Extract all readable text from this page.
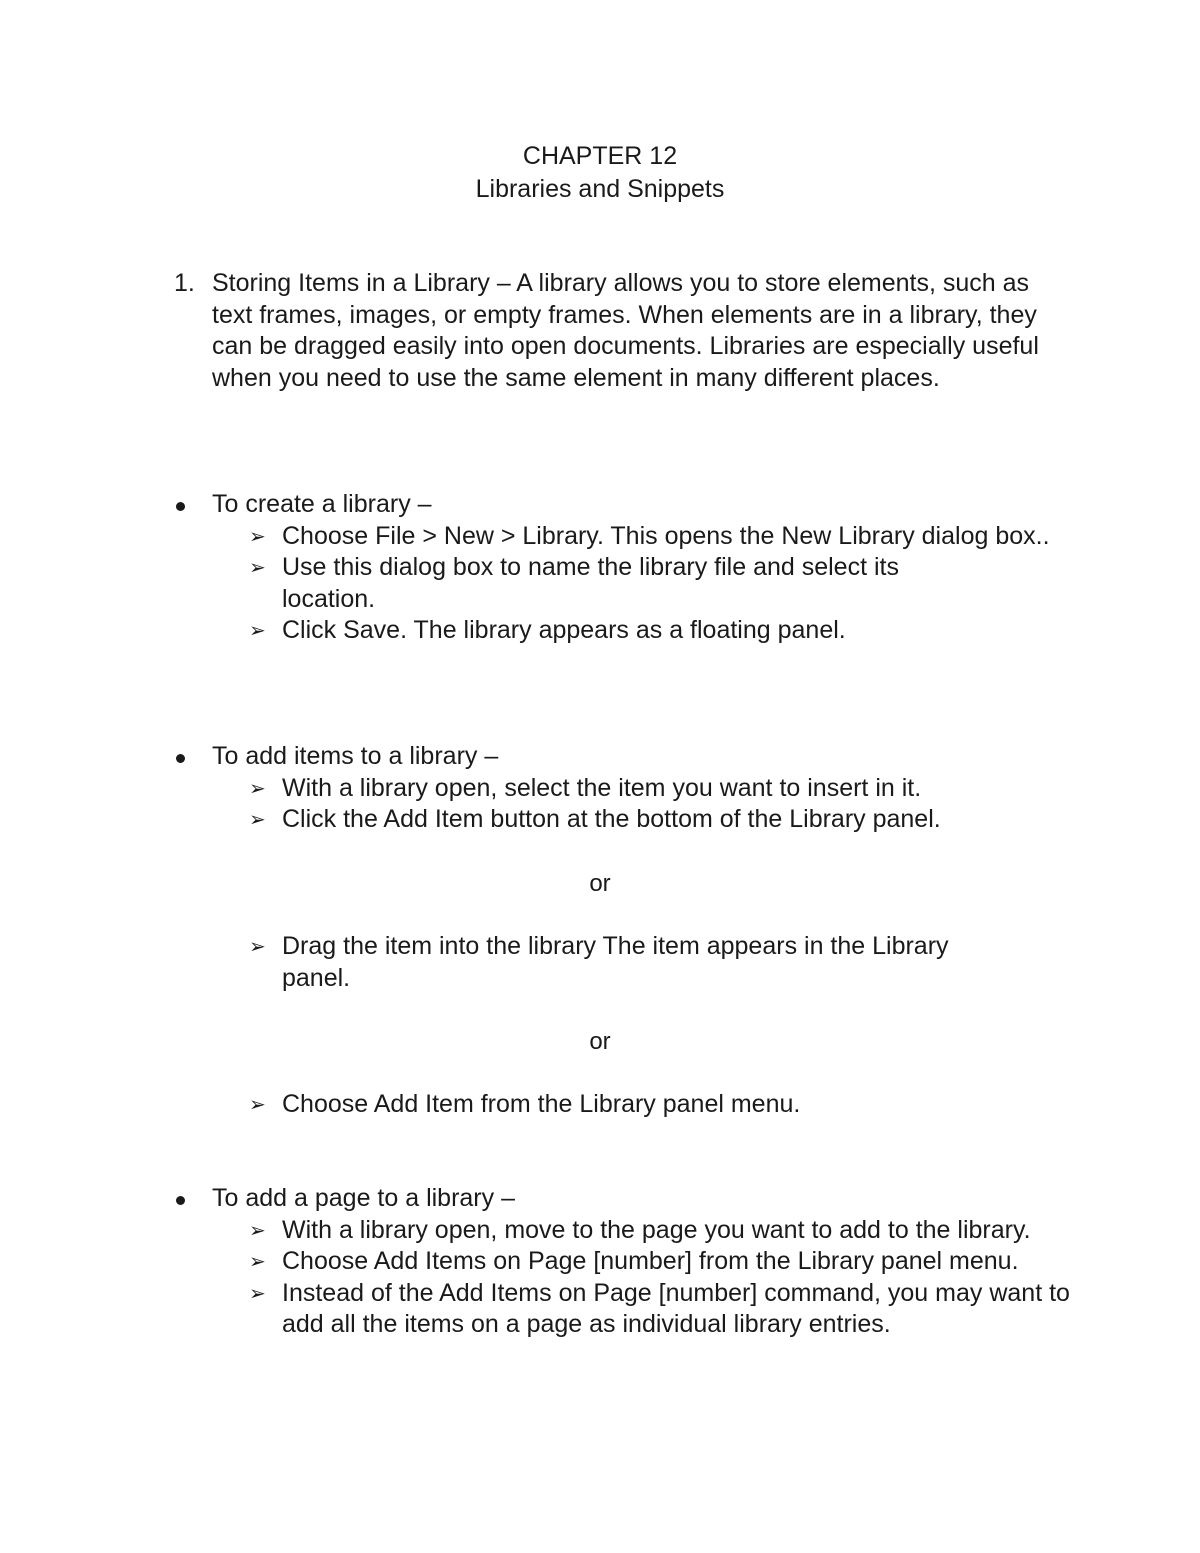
CHAPTER 12
Libraries and Snippets
1. Storing Items in a Library – A library allows you to store elements, such as text frames, images, or empty frames. When elements are in a library, they can be dragged easily into open documents. Libraries are especially useful when you need to use the same element in many different places.
To create a library –
➢ Choose File > New > Library. This opens the New Library dialog box..
➢ Use this dialog box to name the library file and select its location.
➢ Click Save. The library appears as a floating panel.
To add items to a library –
➢ With a library open, select the item you want to insert in it.
➢ Click the Add Item button at the bottom of the Library panel.
or
➢ Drag the item into the library The item appears in the Library panel.
or
➢ Choose Add Item from the Library panel menu.
To add a page to a library –
➢ With a library open, move to the page you want to add to the library.
➢ Choose Add Items on Page [number] from the Library panel menu.
➢ Instead of the Add Items on Page [number] command, you may want to add all the items on a page as individual library entries.
